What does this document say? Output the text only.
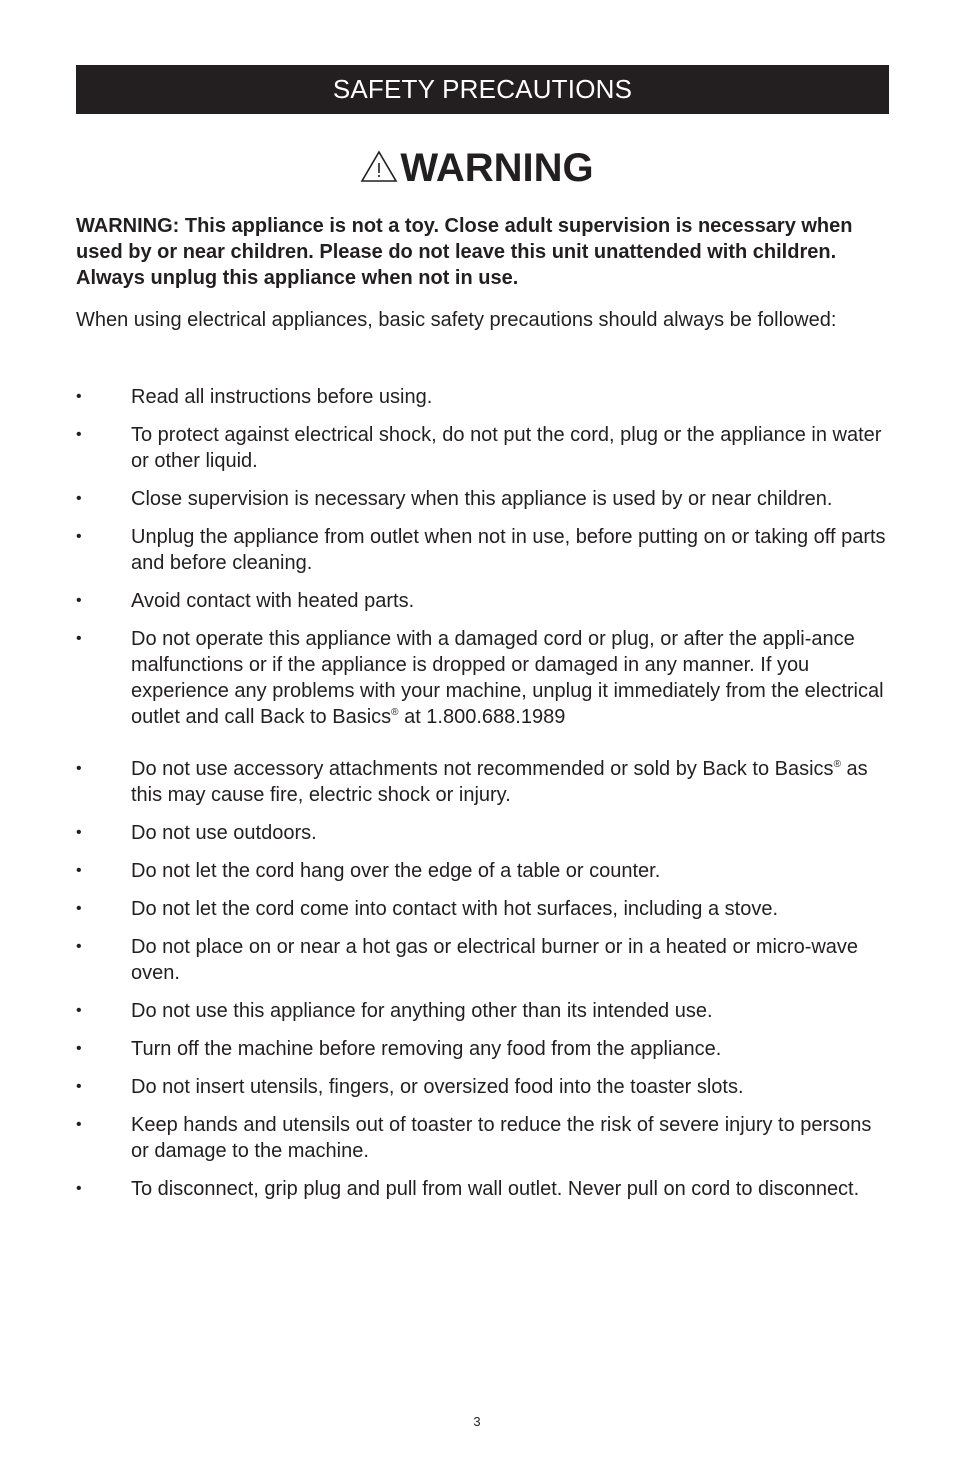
SAFETY PRECAUTIONS
WARNING
WARNING: This appliance is not a toy. Close adult supervision is necessary when used by or near children. Please do not leave this unit unattended with children. Always unplug this appliance when not in use.
When using electrical appliances, basic safety precautions should always be followed:
• Read all instructions before using.
• To protect against electrical shock, do not put the cord, plug or the appliance in water or other liquid.
• Close supervision is necessary when this appliance is used by or near children.
• Unplug the appliance from outlet when not in use, before putting on or taking off parts and before cleaning.
• Avoid contact with heated parts.
• Do not operate this appliance with a damaged cord or plug, or after the appli-ance malfunctions or if the appliance is dropped or damaged in any manner. If you experience any problems with your machine, unplug it immediately from the electrical outlet and call Back to Basics® at 1.800.688.1989
• Do not use accessory attachments not recommended or sold by Back to Basics® as this may cause fire, electric shock or injury.
• Do not use outdoors.
• Do not let the cord hang over the edge of a table or counter.
• Do not let the cord come into contact with hot surfaces, including a stove.
• Do not place on or near a hot gas or electrical burner or in a heated or micro-wave oven.
• Do not use this appliance for anything other than its intended use.
• Turn off the machine before removing any food from the appliance.
• Do not insert utensils, fingers, or oversized food into the toaster slots.
• Keep hands and utensils out of toaster to reduce the risk of severe injury to persons or damage to the machine.
• To disconnect, grip plug and pull from wall outlet. Never pull on cord to disconnect.
3
